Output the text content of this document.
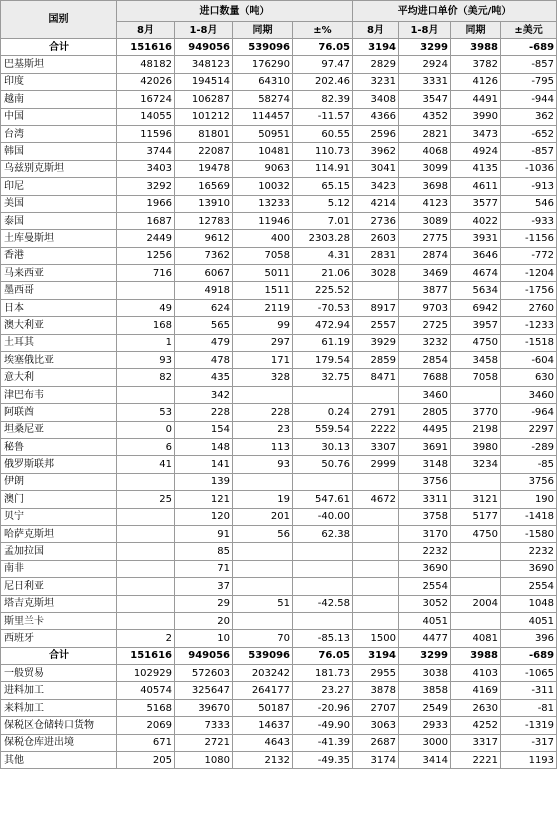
国别	进口数量（吨）				平均进口单价（美元/吨）			
	8月	1-8月	同期	±%	8月	1-8月	同期	±美元
合计	151616	949056	539096	76.05	3194	3299	3988	-689
巴基斯坦	48182	348123	176290	97.47	2829	2924	3782	-857
印度	42026	194514	64310	202.46	3231	3331	4126	-795
越南	16724	106287	58274	82.39	3408	3547	4491	-944
中国	14055	101212	114457	-11.57	4366	4352	3990	362
台湾	11596	81801	50951	60.55	2596	2821	3473	-652
韩国	3744	22087	10481	110.73	3962	4068	4924	-857
乌兹别克斯坦	3403	19478	9063	114.91	3041	3099	4135	-1036
印尼	3292	16569	10032	65.15	3423	3698	4611	-913
美国	1966	13910	13233	5.12	4214	4123	3577	546
泰国	1687	12783	11946	7.01	2736	3089	4022	-933
土库曼斯坦	2449	9612	400	2303.28	2603	2775	3931	-1156
香港	1256	7362	7058	4.31	2831	2874	3646	-772
马来西亚	716	6067	5011	21.06	3028	3469	4674	-1204
墨西哥		4918	1511	225.52		3877	5634	-1756
日本	49	624	2119	-70.53	8917	9703	6942	2760
澳大利亚	168	565	99	472.94	2557	2725	3957	-1233
土耳其	1	479	297	61.19	3929	3232	4750	-1518
埃塞俄比亚	93	478	171	179.54	2859	2854	3458	-604
意大利	82	435	328	32.75	8471	7688	7058	630
津巴布韦		342				3460		3460
阿联酋	53	228	228	0.24	2791	2805	3770	-964
坦桑尼亚	0	154	23	559.54	2222	4495	2198	2297
秘鲁	6	148	113	30.13	3307	3691	3980	-289
俄罗斯联邦	41	141	93	50.76	2999	3148	3234	-85
伊朗		139				3756		3756
澳门	25	121	19	547.61	4672	3311	3121	190
贝宁		120	201	-40.00		3758	5177	-1418
哈萨克斯坦		91	56	62.38		3170	4750	-1580
孟加拉国		85				2232		2232
南非		71				3690		3690
尼日利亚		37				2554		2554
塔吉克斯坦		29	51	-42.58		3052	2004	1048
斯里兰卡		20				4051		4051
西班牙	2	10	70	-85.13	1500	4477	4081	396
合计	151616	949056	539096	76.05	3194	3299	3988	-689
一般贸易	102929	572603	203242	181.73	2955	3038	4103	-1065
进料加工	40574	325647	264177	23.27	3878	3858	4169	-311
来料加工	5168	39670	50187	-20.96	2707	2549	2630	-81
保税区仓储转口货物	2069	7333	14637	-49.90	3063	2933	4252	-1319
保税仓库进出境	671	2721	4643	-41.39	2687	3000	3317	-317
其他	205	1080	2132	-49.35	3174	3414	2221	1193
